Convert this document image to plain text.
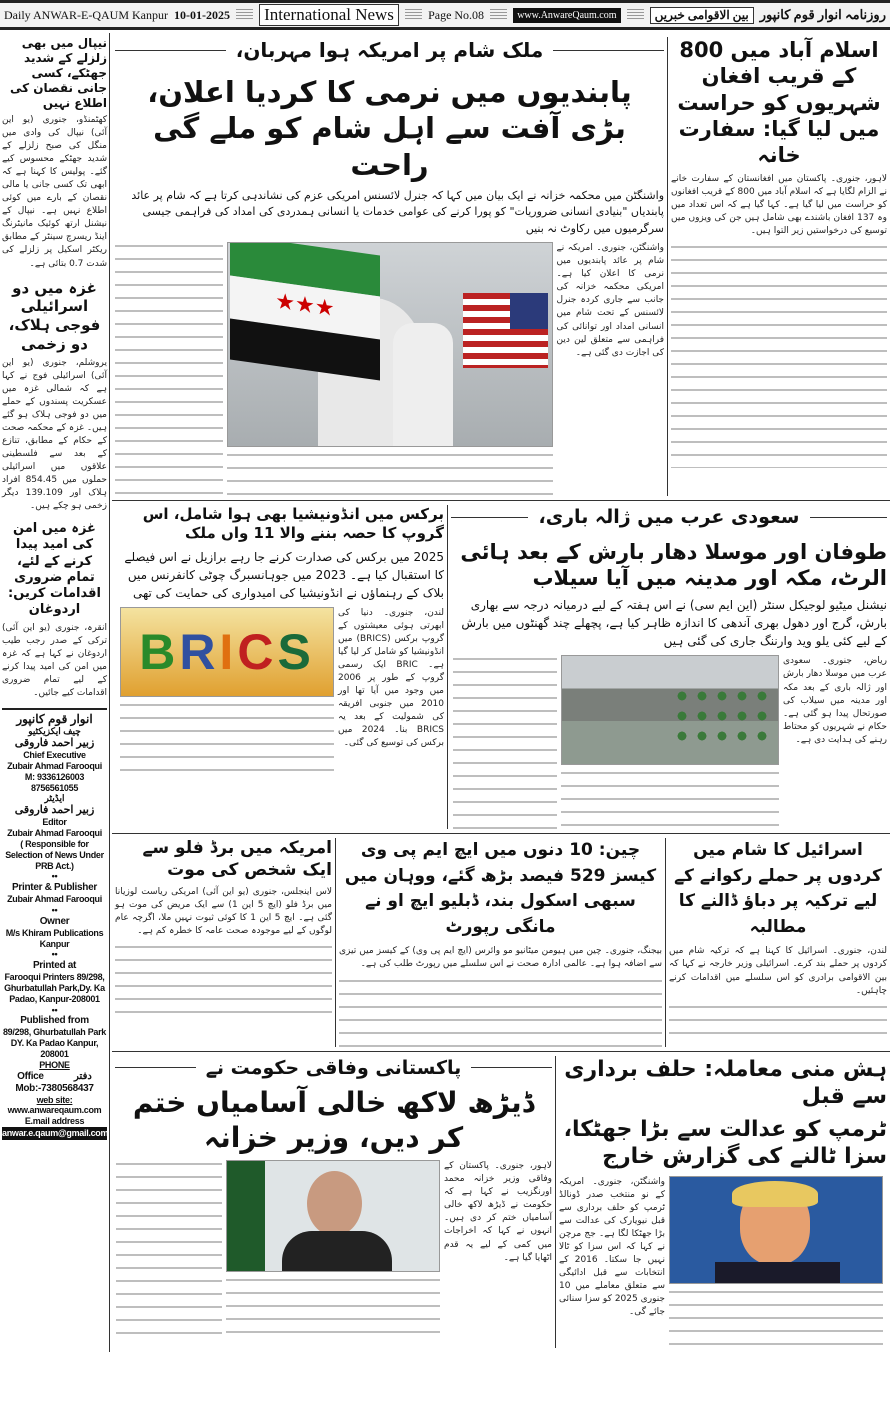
Daily ANWAR-E-QAUM Kanpur 10-01-2025 International News	Page No.08	www.AnwareQaum.com	بین الاقوامی خبریں روزنامہ انوار قوم کانپور
نیپال میں بھی زلزلے کے شدید جھٹکے، کسی جانی نقصان کی اطلاع نہیں
کھٹمنڈو، جنوری (یو این آئی) نیپال کی وادی میں منگل کی صبح زلزلے کے شدید جھٹکے محسوس کیے گئے۔ پولیس کا کہنا ہے کہ ابھی تک کسی جانی یا مالی نقصان کے بارے میں کوئی اطلاع نہیں ہے۔ نیپال کے نیشنل ارتھ کوئیک مانیٹرنگ اینڈ ریسرچ سینٹر کے مطابق ریکٹر اسکیل پر زلزلے کی شدت 0.7 بتائی ہے۔
غزہ میں دو اسرائیلی فوجی ہلاک، دو زخمی
یروشلم، جنوری (یو این آئی) اسرائیلی فوج نے کہا ہے کہ شمالی غزہ میں عسکریت پسندوں کے حملے میں دو فوجی ہلاک ہو گئے ہیں۔ غزہ کے محکمہ صحت کے حکام کے مطابق، تنازع کے بعد سے فلسطینی علاقوں میں اسرائیلی حملوں میں 854.45 افراد ہلاک اور 139.109 دیگر زخمی ہو چکے ہیں۔
غزہ میں امن کی امید پیدا کرنے کے لئے، تمام ضروری اقدامات کریں: اردوغان
انقرہ، جنوری (یو این آئی) ترکی کے صدر رجب طیب اردوغان نے کہا ہے کہ غزہ میں امن کی امید پیدا کرنے کے لیے تمام ضروری اقدامات کیے جائیں۔
انوار قوم کانپور
چیف ایکزیکٹیو
زبیر احمد فاروقی
Chief Executive
Zubair Ahmad Farooqui
M: 9336126003
8756561055
ایڈیٹر
زبیر احمد فاروقی
Editor
Zubair Ahmad Farooqui
( Responsible for Selection of News Under PRB Act.)
••
Printer & Publisher
Zubair Ahmad Farooqui
••
Owner
M/s Khiram Publications Kanpur
••
Printed at
Farooqui Printers 89/298, Ghurbatullah Park,Dy. Ka Padao, Kanpur-208001
••
Published from
89/298, Ghurbatullah Park DY. Ka Padao Kanpur, 208001
PHONE
Office	دفتر
Mob:-7380568437
web site:
www.anwareqaum.com
E.mail address
anwar.e.qaum@gmail.com
اسلام آباد میں 800 کے قریب افغان شہریوں کو حراست میں لیا گیا: سفارت خانہ
لاہور، جنوری۔ پاکستان میں افغانستان کے سفارت خانے نے الزام لگایا ہے کہ اسلام آباد میں 800 کے قریب افغانوں کو حراست میں لیا گیا ہے۔ کہا گیا ہے کہ اس تعداد میں وہ 137 افغان باشندے بھی شامل ہیں جن کی ویزوں میں توسیع کی درخواستیں زیر التوا ہیں۔
ملک شام پر امریکہ ہوا مہربان،
پابندیوں میں نرمی کا کردیا اعلان، بڑی آفت سے اہل شام کو ملے گی راحت
واشنگٹن میں محکمہ خزانہ نے ایک بیان میں کہا کہ جنرل لائسنس امریکی عزم کی نشاندہی کرتا ہے کہ شام پر عائد پابندیاں "بنیادی انسانی ضروریات" کو پورا کرنے کی عوامی خدمات یا انسانی ہمدردی کی امداد کی فراہمی جیسی سرگرمیوں میں رکاوٹ نہ بنیں
واشنگٹن، جنوری۔ امریکہ نے شام پر عائد پابندیوں میں نرمی کا اعلان کیا ہے۔ امریکی محکمہ خزانہ کی جانب سے جاری کردہ جنرل لائسنس کے تحت شام میں انسانی امداد اور توانائی کی فراہمی سے متعلق لین دین کی اجازت دی گئی ہے۔
★★★
سعودی عرب میں ژالہ باری،
طوفان اور موسلا دھار بارش کے بعد ہائی الرٹ، مکہ اور مدینہ میں آیا سیلاب
نیشنل میٹیو لوجیکل سنٹر (این ایم سی) نے اس ہفتہ کے لیے درمیانہ درجہ سے بھاری بارش، گرج اور دھول بھری آندھی کا اندازہ ظاہر کیا ہے، پچھلے چند گھنٹوں میں بارش کے لیے کئی یلو وید وارننگ جاری کی گئی ہیں
ریاض، جنوری۔ سعودی عرب میں موسلا دھار بارش اور ژالہ باری کے بعد مکہ اور مدینہ میں سیلاب کی صورتحال پیدا ہو گئی ہے۔ حکام نے شہریوں کو محتاط رہنے کی ہدایت دی ہے۔
برکس میں انڈونیشیا بھی ہوا شامل، اس گروپ کا حصہ بننے والا 11 واں ملک
2025 میں برکس کی صدارت کرنے جا رہے برازیل نے اس فیصلے کا استقبال کیا ہے۔ 2023 میں جوہانسبرگ چوٹی کانفرنس میں بلاک کے رہنماؤں نے انڈونیشیا کی امیدواری کی حمایت کی تھی
لندن، جنوری۔ دنیا کی ابھرتی ہوئی معیشتوں کے گروپ برکس (BRICS) میں انڈونیشیا کو شامل کر لیا گیا ہے۔ BRIC ایک رسمی گروپ کے طور پر 2006 میں وجود میں آیا تھا اور 2010 میں جنوبی افریقہ کی شمولیت کے بعد یہ BRICS بنا۔ 2024 میں برکس کی توسیع کی گئی۔
BRICS
اسرائیل کا شام میں کردوں پر حملے رکوانے کے لیے ترکیہ پر دباؤ ڈالنے کا مطالبہ
لندن، جنوری۔ اسرائیل کا کہنا ہے کہ ترکیہ شام میں کردوں پر حملے بند کرے۔ اسرائیلی وزیر خارجہ نے کہا کہ بین الاقوامی برادری کو اس سلسلے میں اقدامات کرنے چاہئیں۔
چین: 10 دنوں میں ایچ ایم پی وی کیسز 529 فیصد بڑھ گئے، ووہان میں سبھی اسکول بند، ڈبلیو ایچ او نے مانگی رپورٹ
بیجنگ، جنوری۔ چین میں ہیومن میٹانیو مو وائرس (ایچ ایم پی وی) کے کیسز میں تیزی سے اضافہ ہوا ہے۔ عالمی ادارہ صحت نے اس سلسلے میں رپورٹ طلب کی ہے۔
امریکہ میں برڈ فلو سے ایک شخص کی موت
لاس اینجلس، جنوری (یو این آئی) امریکی ریاست لوزیانا میں برڈ فلو (ایچ 5 این 1) سے ایک مریض کی موت ہو گئی ہے۔ ایچ 5 این 1 کا کوئی ثبوت نہیں ملا، اگرچہ عام لوگوں کے لیے موجودہ صحت عامہ کا خطرہ کم ہے۔
ہش منی معاملہ: حلف برداری سے قبل
ٹرمپ کو عدالت سے بڑا جھٹکا، سزا ٹالنے کی گزارش خارج
واشنگٹن، جنوری۔ امریکہ کے نو منتخب صدر ڈونالڈ ٹرمپ کو حلف برداری سے قبل نیویارک کی عدالت سے بڑا جھٹکا لگا ہے۔ جج مرچن نے کہا کہ اس سزا کو ٹالا نہیں جا سکتا۔ 2016 کے انتخابات سے قبل ادائیگی سے متعلق معاملے میں 10 جنوری 2025 کو سزا سنائی جائے گی۔
پاکستانی وفاقی حکومت نے
ڈیڑھ لاکھ خالی آسامیاں ختم کر دیں، وزیر خزانہ
لاہور، جنوری۔ پاکستان کے وفاقی وزیر خزانہ محمد اورنگزیب نے کہا ہے کہ حکومت نے ڈیڑھ لاکھ خالی آسامیاں ختم کر دی ہیں۔ انہوں نے کہا کہ اخراجات میں کمی کے لیے یہ قدم اٹھایا گیا ہے۔
